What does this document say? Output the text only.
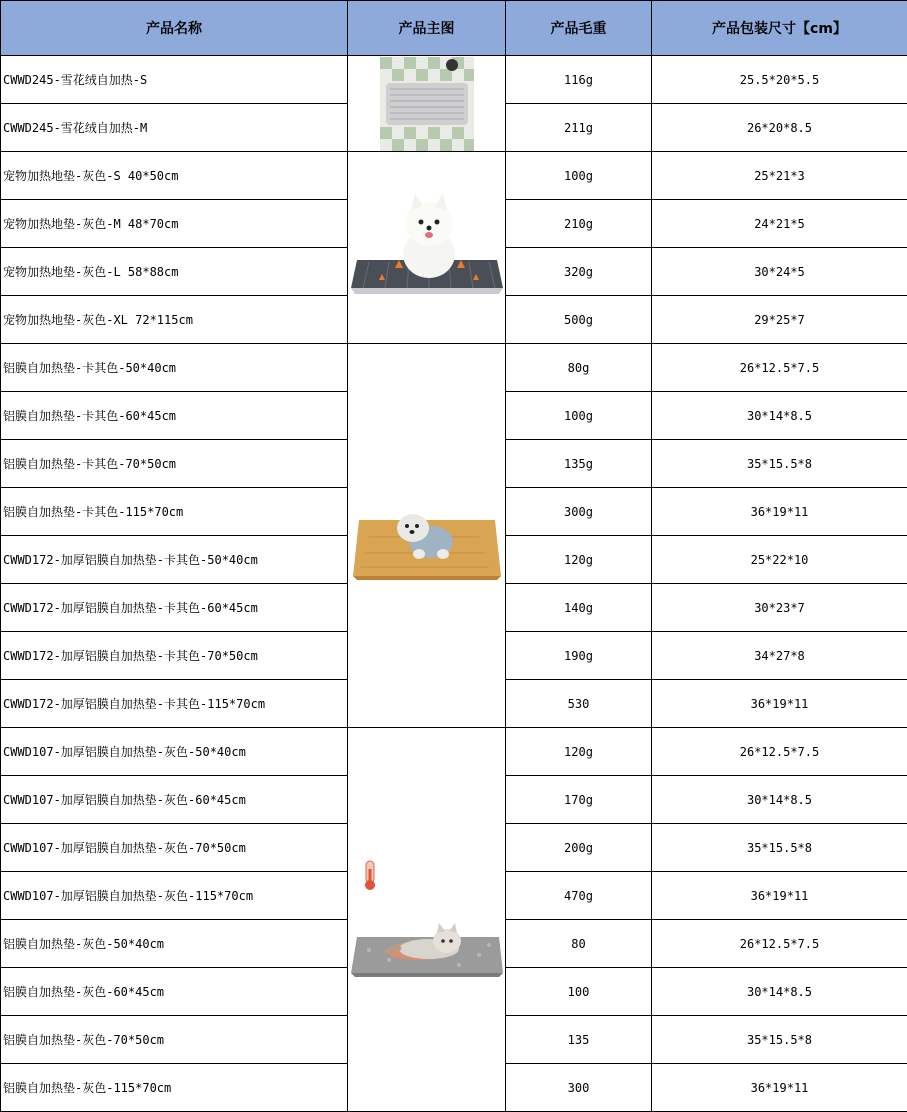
产品名称	产品主图	产品毛重	产品包装尺寸【cm】
CWWD245-雪花绒自加热-S		116g	25.5*20*5.5
CWWD245-雪花绒自加热-M		211g	26*20*8.5
宠物加热地垫-灰色-S 40*50cm		100g	25*21*3
宠物加热地垫-灰色-M 48*70cm		210g	24*21*5
宠物加热地垫-灰色-L 58*88cm		320g	30*24*5
宠物加热地垫-灰色-XL 72*115cm		500g	29*25*7
铝膜自加热垫-卡其色-50*40cm		80g	26*12.5*7.5
铝膜自加热垫-卡其色-60*45cm		100g	30*14*8.5
铝膜自加热垫-卡其色-70*50cm		135g	35*15.5*8
铝膜自加热垫-卡其色-115*70cm		300g	36*19*11
CWWD172-加厚铝膜自加热垫-卡其色-50*40cm		120g	25*22*10
CWWD172-加厚铝膜自加热垫-卡其色-60*45cm		140g	30*23*7
CWWD172-加厚铝膜自加热垫-卡其色-70*50cm		190g	34*27*8
CWWD172-加厚铝膜自加热垫-卡其色-115*70cm		530	36*19*11
CWWD107-加厚铝膜自加热垫-灰色-50*40cm		120g	26*12.5*7.5
CWWD107-加厚铝膜自加热垫-灰色-60*45cm		170g	30*14*8.5
CWWD107-加厚铝膜自加热垫-灰色-70*50cm		200g	35*15.5*8
CWWD107-加厚铝膜自加热垫-灰色-115*70cm		470g	36*19*11
铝膜自加热垫-灰色-50*40cm		80	26*12.5*7.5
铝膜自加热垫-灰色-60*45cm		100	30*14*8.5
铝膜自加热垫-灰色-70*50cm		135	35*15.5*8
铝膜自加热垫-灰色-115*70cm		300	36*19*11
